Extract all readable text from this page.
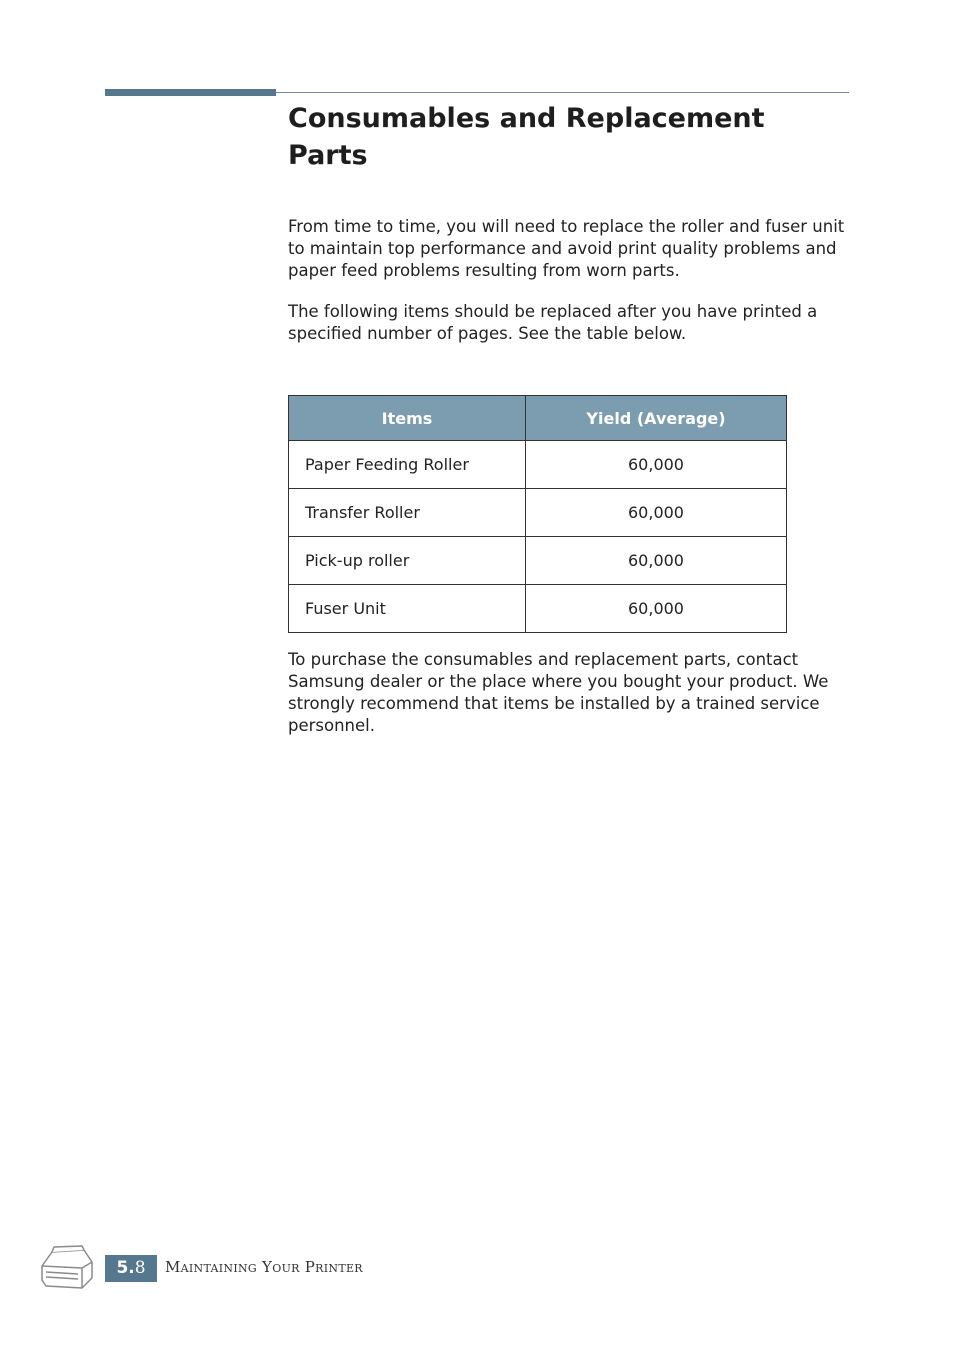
Consumables and Replacement Parts

From time to time, you will need to replace the roller and fuser unit to maintain top performance and avoid print quality problems and paper feed problems resulting from worn parts.

The following items should be replaced after you have printed a specified number of pages. See the table below.

Items	Yield (Average)
Paper Feeding Roller	60,000
Transfer Roller	60,000
Pick-up roller	60,000
Fuser Unit	60,000

To purchase the consumables and replacement parts, contact Samsung dealer or the place where you bought your product. We strongly recommend that items be installed by a trained service personnel.

5.8	Maintaining Your Printer
